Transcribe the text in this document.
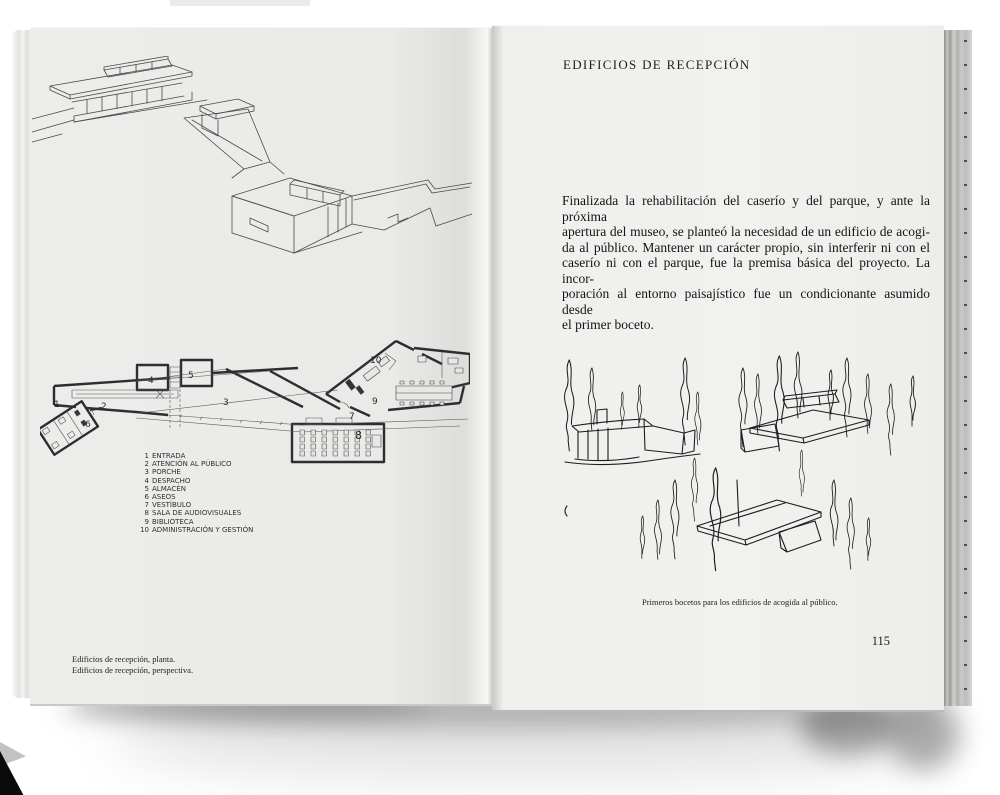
1	2	3
4	5
6
7
8
9
10
1 ENTRADA
2 ATENCIÓN AL PÚBLICO
3 PORCHE
4 DESPACHO
5 ALMACÉN
6 ASEOS
7 VESTÍBULO
8 SALA DE AUDIOVISUALES
9 BIBLIOTECA
10 ADMINISTRACIÓN Y GESTIÓN
Edificios de recepción, planta.
Edificios de recepción, perspectiva.
EDIFICIOS DE RECEPCIÓN
Finalizada la rehabilitación del caserío y del parque, y ante la próxima
apertura del museo, se planteó la necesidad de un edificio de acogi-
da al público. Mantener un carácter propio, sin interferir ni con el
caserío ni con el parque, fue la premisa básica del proyecto. La incor-
poración al entorno paisajístico fue un condicionante asumido desde
el primer boceto.
Primeros bocetos para los edificios de acogida al público.
115
